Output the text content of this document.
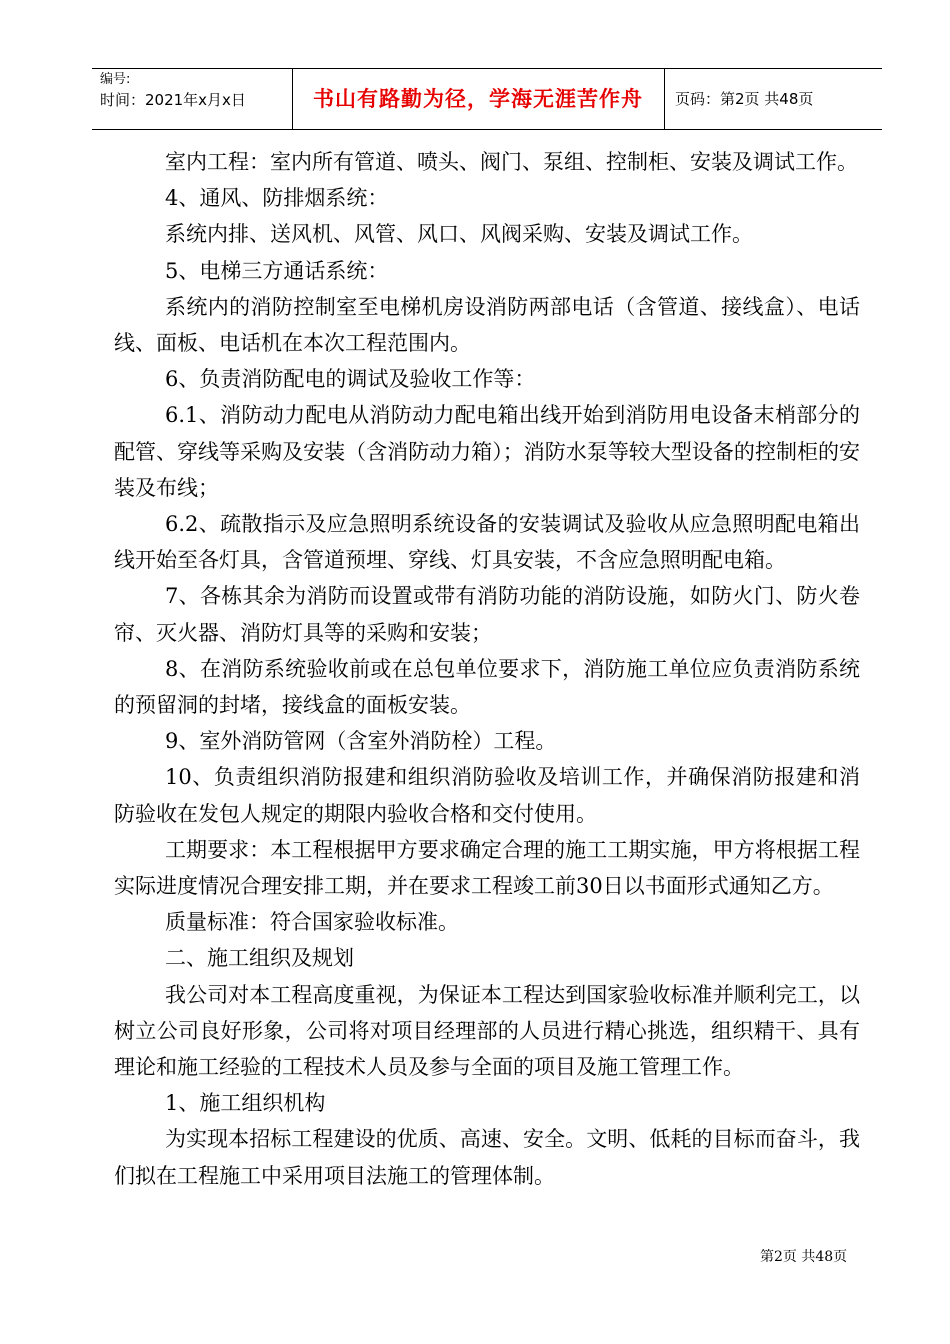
编号:
时间：2021年x月x日	书山有路勤为径，学海无涯苦作舟	页码：第2页 共48页

室内工程：室内所有管道、喷头、阀门、泵组、控制柜、安装及调试工作。

4、通风、防排烟系统：

系统内排、送风机、风管、风口、风阀采购、安装及调试工作。

5、电梯三方通话系统：

系统内的消防控制室至电梯机房设消防两部电话（含管道、接线盒）、电话线、面板、电话机在本次工程范围内。

6、负责消防配电的调试及验收工作等：

6.1、消防动力配电从消防动力配电箱出线开始到消防用电设备末梢部分的配管、穿线等采购及安装（含消防动力箱）；消防水泵等较大型设备的控制柜的安装及布线；

6.2、疏散指示及应急照明系统设备的安装调试及验收从应急照明配电箱出线开始至各灯具，含管道预埋、穿线、灯具安装，不含应急照明配电箱。

7、各栋其余为消防而设置或带有消防功能的消防设施，如防火门、防火卷帘、灭火器、消防灯具等的采购和安装；

8、在消防系统验收前或在总包单位要求下，消防施工单位应负责消防系统的预留洞的封堵，接线盒的面板安装。

9、室外消防管网（含室外消防栓）工程。

10、负责组织消防报建和组织消防验收及培训工作，并确保消防报建和消防验收在发包人规定的期限内验收合格和交付使用。

工期要求：本工程根据甲方要求确定合理的施工工期实施，甲方将根据工程实际进度情况合理安排工期，并在要求工程竣工前30日以书面形式通知乙方。

质量标准：符合国家验收标准。

二、施工组织及规划

我公司对本工程高度重视，为保证本工程达到国家验收标准并顺利完工，以树立公司良好形象，公司将对项目经理部的人员进行精心挑选，组织精干、具有理论和施工经验的工程技术人员及参与全面的项目及施工管理工作。

1、施工组织机构

为实现本招标工程建设的优质、高速、安全。文明、低耗的目标而奋斗，我们拟在工程施工中采用项目法施工的管理体制。

第2页 共48页
